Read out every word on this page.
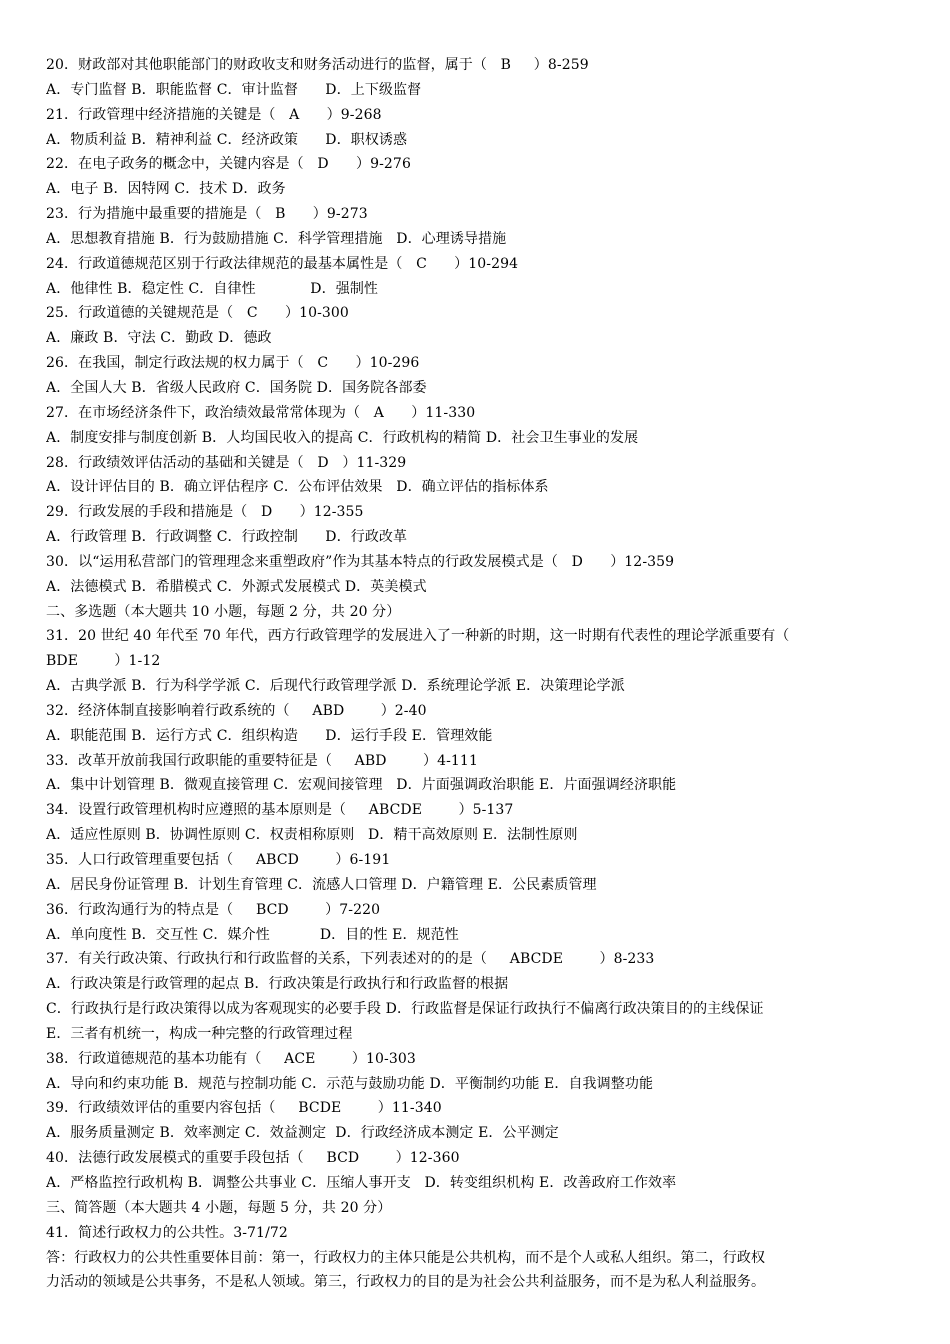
20．财政部对其他职能部门的财政收支和财务活动进行的监督，属于（   B     ）8-259
A．专门监督 B．职能监督 C．审计监督      D．上下级监督
21．行政管理中经济措施的关键是（   A      ）9-268
A．物质利益 B．精神利益 C．经济政策      D．职权诱惑
22．在电子政务的概念中，关键内容是（   D      ）9-276
A．电子 B．因特网 C．技术 D．政务
23．行为措施中最重要的措施是（   B      ）9-273
A．思想教育措施 B．行为鼓励措施 C．科学管理措施   D．心理诱导措施
24．行政道德规范区别于行政法律规范的最基本属性是（   C      ）10-294
A．他律性 B．稳定性 C．自律性            D．强制性
25．行政道德的关键规范是（   C      ）10-300
A．廉政 B．守法 C．勤政 D．德政
26．在我国，制定行政法规的权力属于（   C      ）10-296
A．全国人大 B．省级人民政府 C．国务院 D．国务院各部委
27．在市场经济条件下，政治绩效最常常体现为（   A      ）11-330
A．制度安排与制度创新 B．人均国民收入的提高 C．行政机构的精简 D．社会卫生事业的发展
28．行政绩效评估活动的基础和关键是（   D   ）11-329
A．设计评估目的 B．确立评估程序 C．公布评估效果   D．确立评估的指标体系
29．行政发展的手段和措施是（   D      ）12-355
A．行政管理 B．行政调整 C．行政控制      D．行政改革
30．以“运用私营部门的管理理念来重塑政府”作为其基本特点的行政发展模式是（   D      ）12-359
A．法德模式 B．希腊模式 C．外源式发展模式 D．英美模式
二、多选题（本大题共 10 小题，每题 2 分，共 20 分）
31．20 世纪 40 年代至 70 年代，西方行政管理学的发展进入了一种新的时期，这一时期有代表性的理论学派重要有（
BDE        ）1-12
A．古典学派 B．行为科学学派 C．后现代行政管理学派 D．系统理论学派 E．决策理论学派
32．经济体制直接影响着行政系统的（     ABD        ）2-40
A．职能范围 B．运行方式 C．组织构造      D．运行手段 E．管理效能
33．改革开放前我国行政职能的重要特征是（     ABD        ）4-111
A．集中计划管理 B．微观直接管理 C．宏观间接管理   D．片面强调政治职能 E．片面强调经济职能
34．设置行政管理机构时应遵照的基本原则是（     ABCDE        ）5-137
A．适应性原则 B．协调性原则 C．权责相称原则   D．精干高效原则 E．法制性原则
35．人口行政管理重要包括（     ABCD        ）6-191
A．居民身份证管理 B．计划生育管理 C．流感人口管理 D．户籍管理 E．公民素质管理
36．行政沟通行为的特点是（     BCD        ）7-220
A．单向度性 B．交互性 C．媒介性           D．目的性 E．规范性
37．有关行政决策、行政执行和行政监督的关系，下列表述对的的是（     ABCDE        ）8-233
A．行政决策是行政管理的起点 B．行政决策是行政执行和行政监督的根据
C．行政执行是行政决策得以成为客观现实的必要手段 D．行政监督是保证行政执行不偏离行政决策目的的主线保证
E．三者有机统一，构成一种完整的行政管理过程
38．行政道德规范的基本功能有（     ACE        ）10-303
A．导向和约束功能 B．规范与控制功能 C．示范与鼓励功能 D．平衡制约功能 E．自我调整功能
39．行政绩效评估的重要内容包括（     BCDE        ）11-340
A．服务质量测定 B．效率测定 C．效益测定  D．行政经济成本测定 E．公平测定
40．法德行政发展模式的重要手段包括（     BCD        ）12-360
A．严格监控行政机构 B．调整公共事业 C．压缩人事开支   D．转变组织机构 E．改善政府工作效率
三、简答题（本大题共 4 小题，每题 5 分，共 20 分）
41．简述行政权力的公共性。3-71/72
答：行政权力的公共性重要体目前：第一，行政权力的主体只能是公共机构，而不是个人或私人组织。第二，行政权
力活动的领域是公共事务，不是私人领域。第三，行政权力的目的是为社会公共利益服务，而不是为私人利益服务。
